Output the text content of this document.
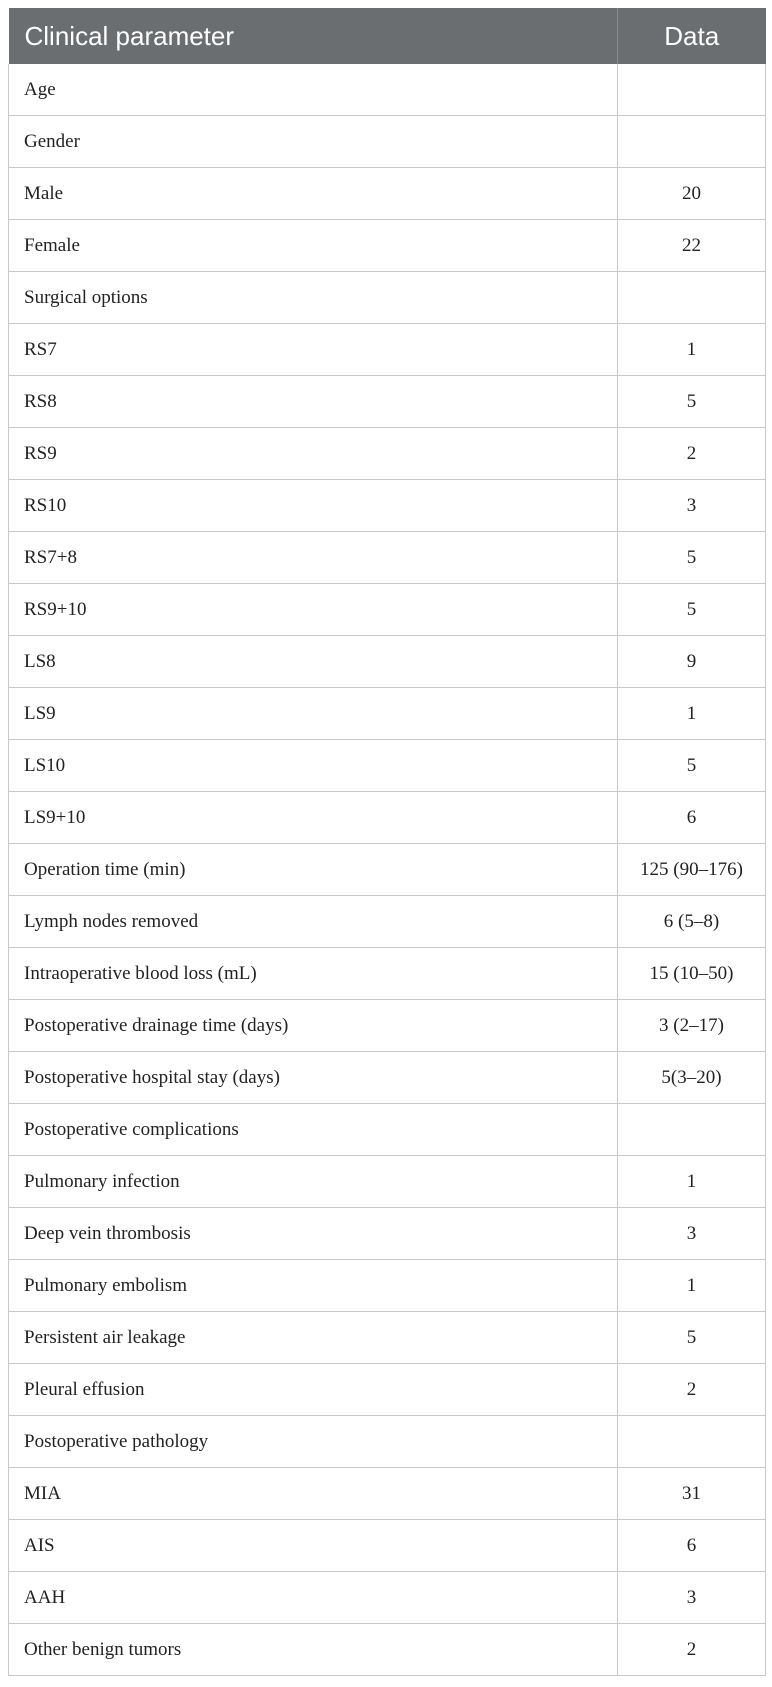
Clinical parameter	Data
Age	
Gender	
Male	20
Female	22
Surgical options	
RS7	1
RS8	5
RS9	2
RS10	3
RS7+8	5
RS9+10	5
LS8	9
LS9	1
LS10	5
LS9+10	6
Operation time (min)	125 (90–176)
Lymph nodes removed	6 (5–8)
Intraoperative blood loss (mL)	15 (10–50)
Postoperative drainage time (days)	3 (2–17)
Postoperative hospital stay (days)	5(3–20)
Postoperative complications	
Pulmonary infection	1
Deep vein thrombosis	3
Pulmonary embolism	1
Persistent air leakage	5
Pleural effusion	2
Postoperative pathology	
MIA	31
AIS	6
AAH	3
Other benign tumors	2
